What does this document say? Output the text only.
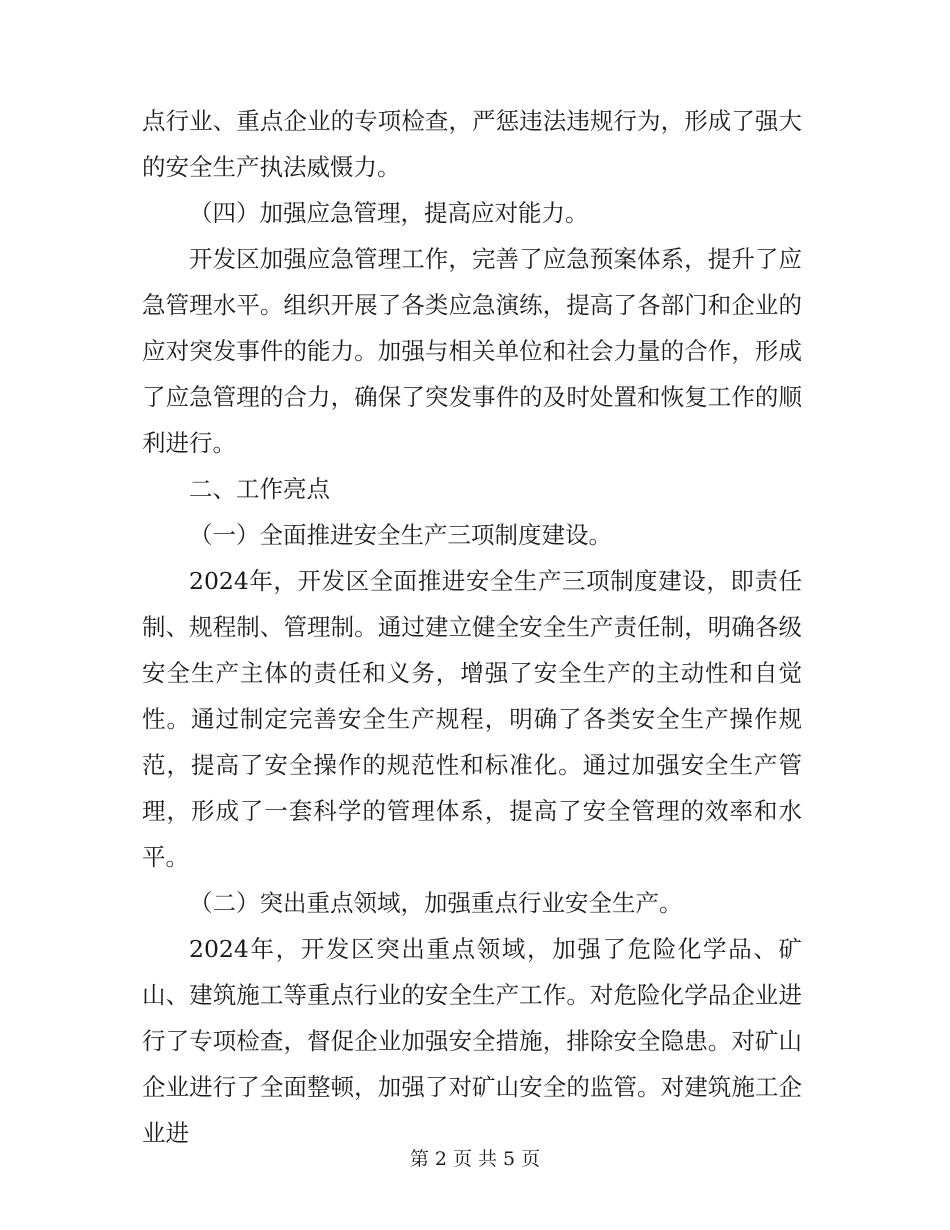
点行业、重点企业的专项检查，严惩违法违规行为，形成了强大的安全生产执法威慑力。

（四）加强应急管理，提高应对能力。

开发区加强应急管理工作，完善了应急预案体系，提升了应急管理水平。组织开展了各类应急演练，提高了各部门和企业的应对突发事件的能力。加强与相关单位和社会力量的合作，形成了应急管理的合力，确保了突发事件的及时处置和恢复工作的顺利进行。

二、工作亮点

（一）全面推进安全生产三项制度建设。

2024年，开发区全面推进安全生产三项制度建设，即责任制、规程制、管理制。通过建立健全安全生产责任制，明确各级安全生产主体的责任和义务，增强了安全生产的主动性和自觉性。通过制定完善安全生产规程，明确了各类安全生产操作规范，提高了安全操作的规范性和标准化。通过加强安全生产管理，形成了一套科学的管理体系，提高了安全管理的效率和水平。

（二）突出重点领域，加强重点行业安全生产。

2024年，开发区突出重点领域，加强了危险化学品、矿山、建筑施工等重点行业的安全生产工作。对危险化学品企业进行了专项检查，督促企业加强安全措施，排除安全隐患。对矿山企业进行了全面整顿，加强了对矿山安全的监管。对建筑施工企业进

第 2 页 共 5 页
